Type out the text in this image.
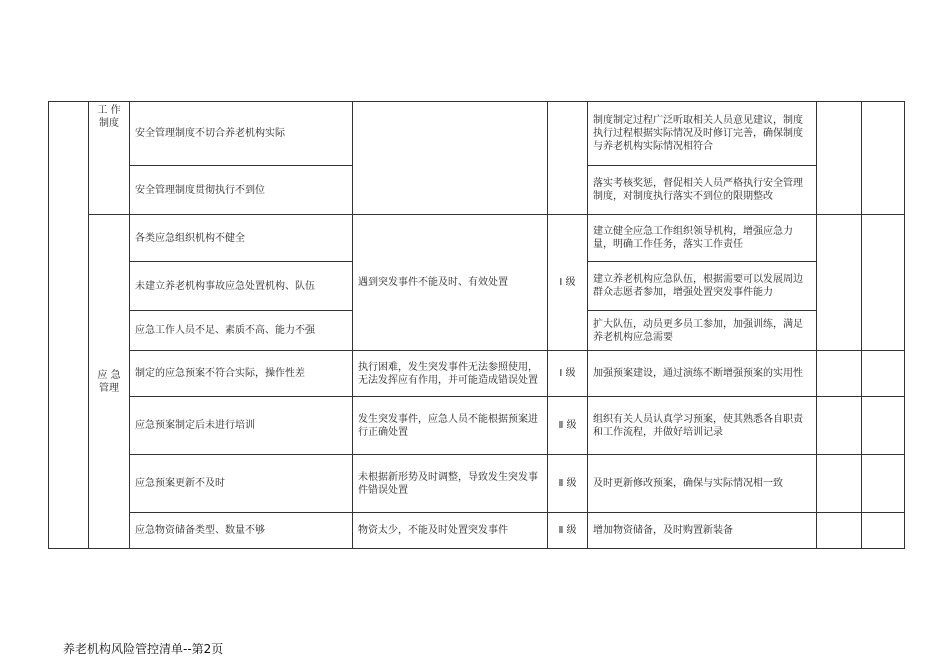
	工 作 制度	安全管理制度不切合养老机构实际			制度制定过程广泛听取相关人员意见建议，制度执行过程根据实际情况及时修订完善，确保制度与养老机构实际情况相符合		
		安全管理制度贯彻执行不到位			落实考核奖惩，督促相关人员严格执行安全管理制度，对制度执行落实不到位的限期整改		
	应 急 管理	各类应急组织机构不健全	遇到突发事件不能及时、有效处置	Ⅰ 级	建立健全应急工作组织领导机构，增强应急力量，明确工作任务，落实工作责任		
		未建立养老机构事故应急处置机构、队伍			建立养老机构应急队伍，根据需要可以发展周边群众志愿者参加，增强处置突发事件能力		
		应急工作人员不足、素质不高、能力不强			扩大队伍，动员更多员工参加，加强训练，满足养老机构应急需要		
		制定的应急预案不符合实际，操作性差	执行困难，发生突发事件无法参照使用，无法发挥应有作用，并可能造成错误处置	Ⅰ 级	加强预案建设，通过演练不断增强预案的实用性		
		应急预案制定后未进行培训	发生突发事件，应急人员不能根据预案进行正确处置	Ⅱ 级	组织有关人员认真学习预案，使其熟悉各自职责和工作流程，并做好培训记录		
		应急预案更新不及时	未根据新形势及时调整，导致发生突发事件错误处置	Ⅱ 级	及时更新修改预案，确保与实际情况相一致		
		应急物资储备类型、数量不够	物资太少，不能及时处置突发事件	Ⅱ 级	增加物资储备，及时购置新装备		
养老机构风险管控清单--第2页
